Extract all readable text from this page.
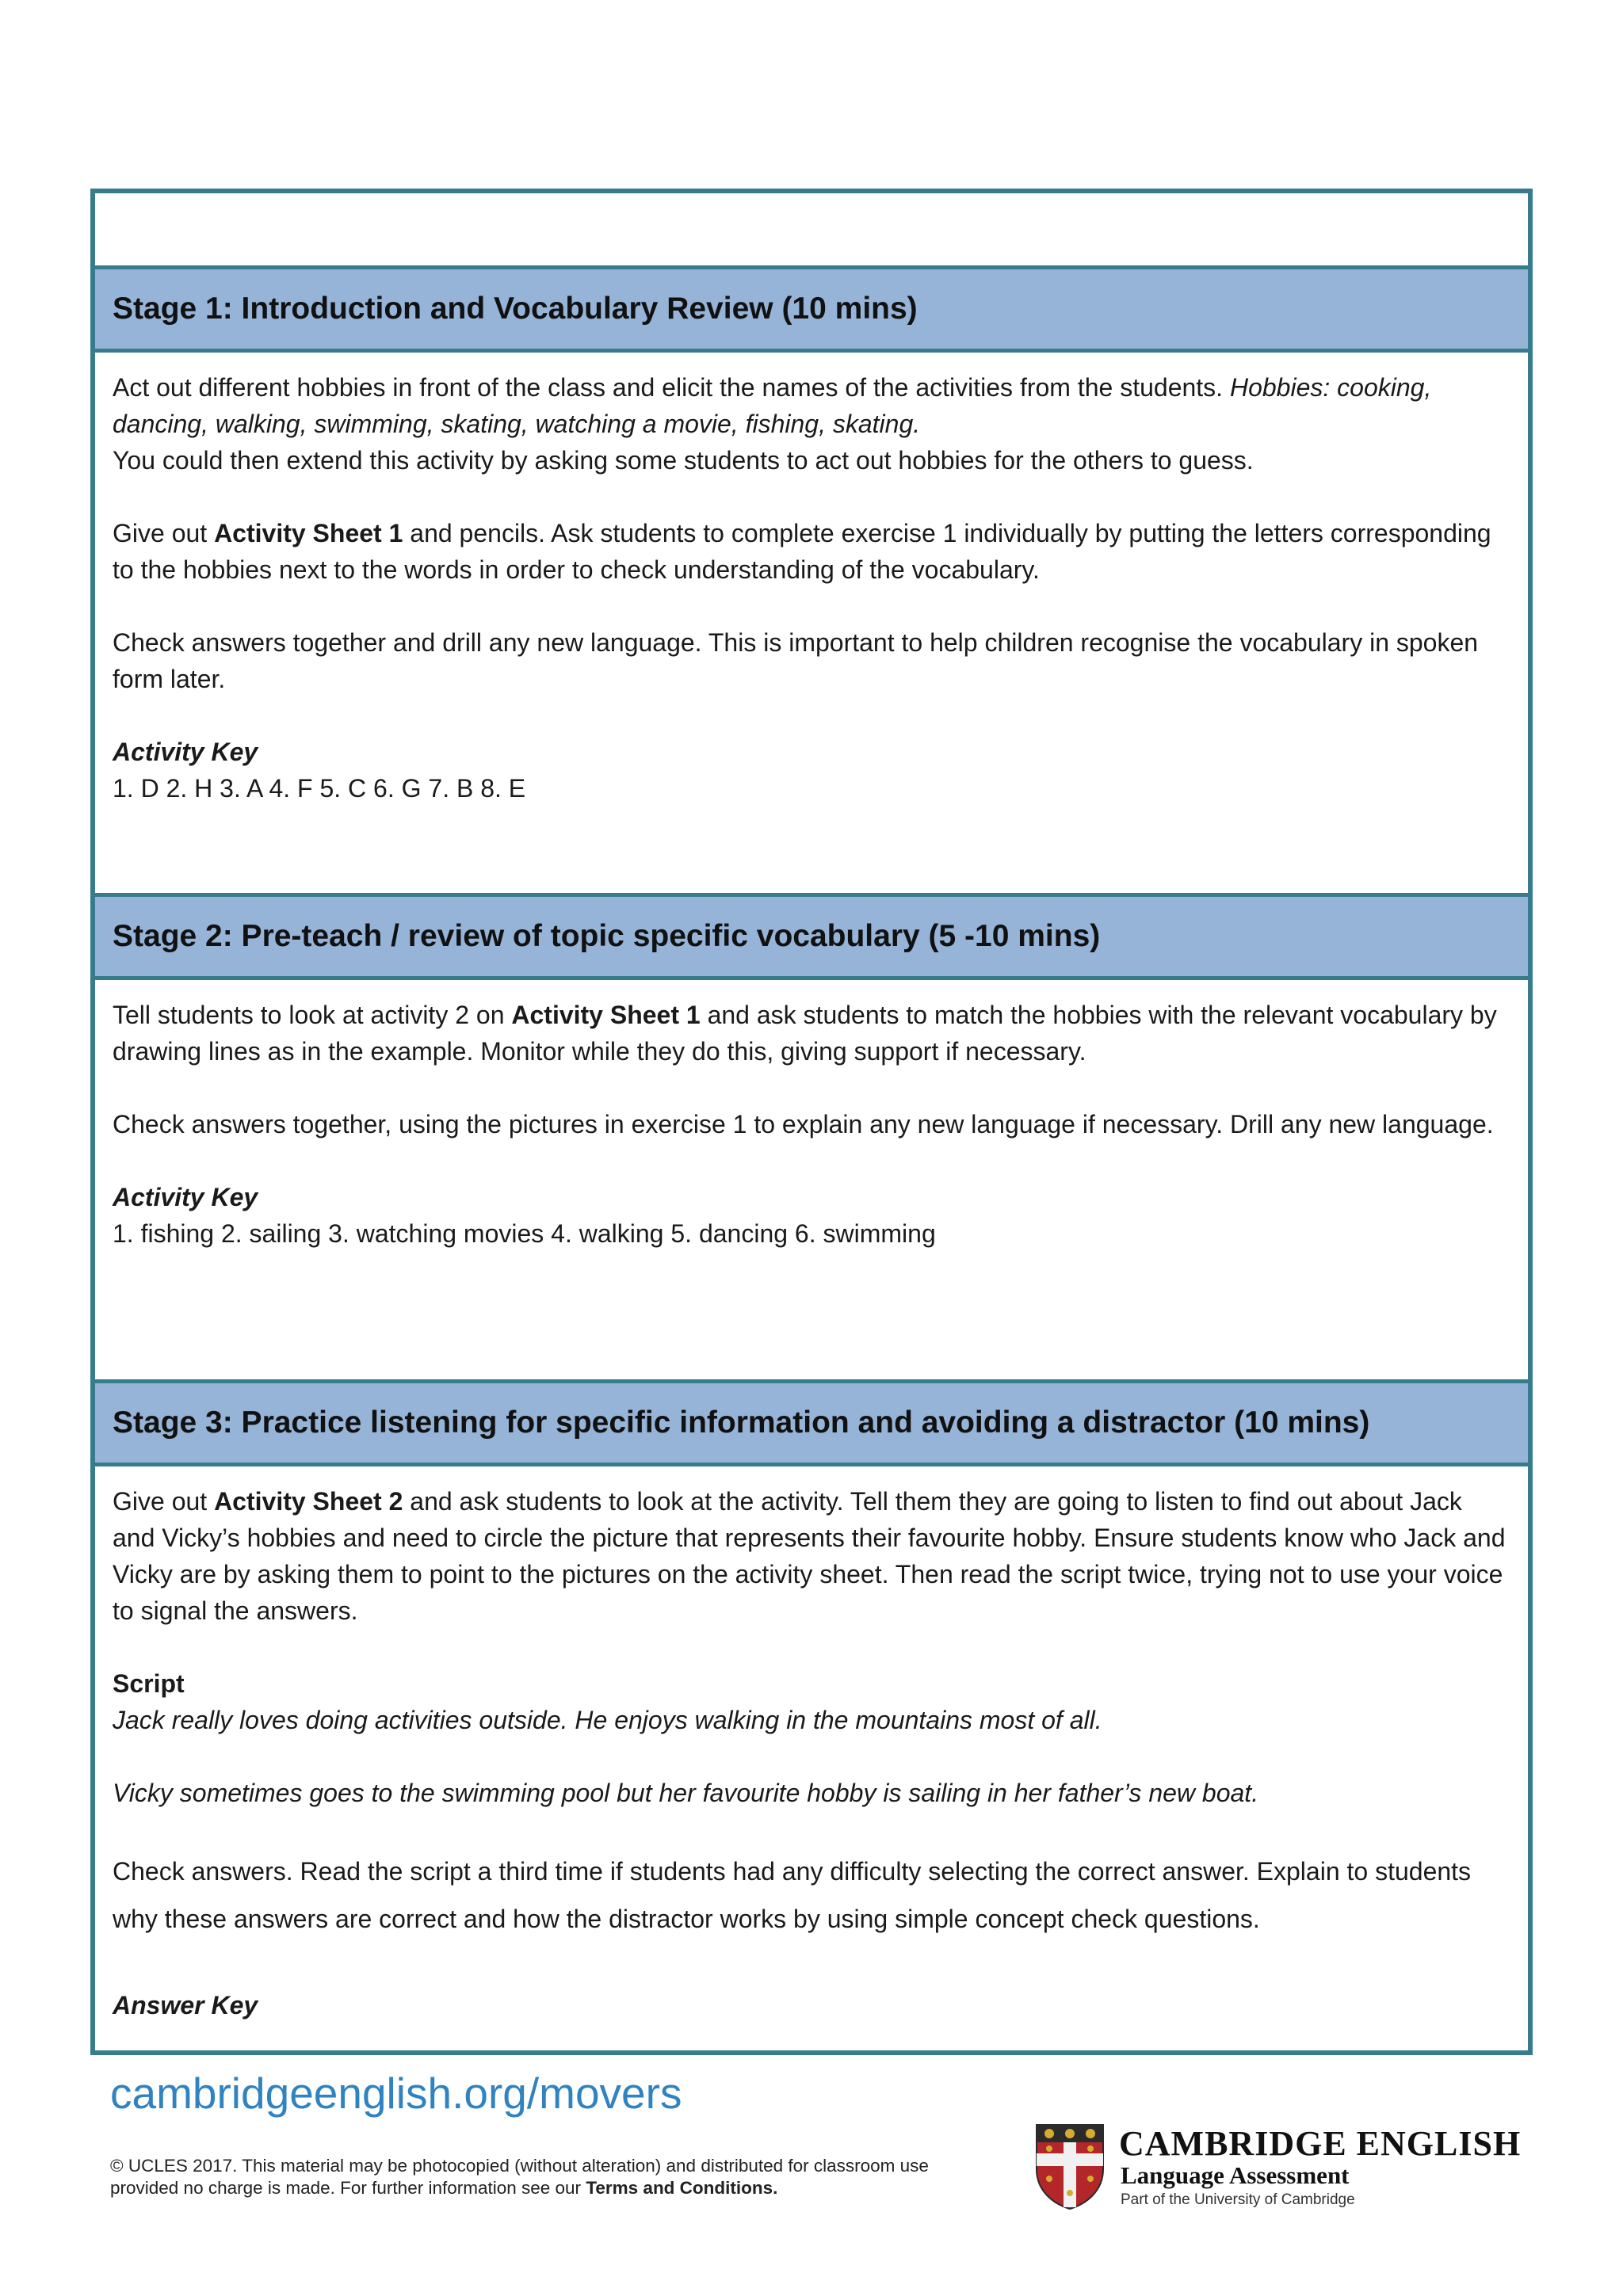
Stage 1: Introduction and Vocabulary Review (10 mins)

Act out different hobbies in front of the class and elicit the names of the activities from the students. Hobbies: cooking, dancing, walking, swimming, skating, watching a movie, fishing, skating.

You could then extend this activity by asking some students to act out hobbies for the others to guess.

Give out Activity Sheet 1 and pencils. Ask students to complete exercise 1 individually by putting the letters corresponding to the hobbies next to the words in order to check understanding of the vocabulary.

Check answers together and drill any new language. This is important to help children recognise the vocabulary in spoken form later.

Activity Key

1. D 2. H 3. A 4. F 5. C 6. G 7. B 8. E

Stage 2: Pre-teach / review of topic specific vocabulary (5 -10 mins)

Tell students to look at activity 2 on Activity Sheet 1 and ask students to match the hobbies with the relevant vocabulary by drawing lines as in the example. Monitor while they do this, giving support if necessary.

Check answers together, using the pictures in exercise 1 to explain any new language if necessary. Drill any new language.

Activity Key

1. fishing 2. sailing 3. watching movies 4. walking 5. dancing 6. swimming

Stage 3: Practice listening for specific information and avoiding a distractor (10 mins)

Give out Activity Sheet 2 and ask students to look at the activity. Tell them they are going to listen to find out about Jack and Vicky’s hobbies and need to circle the picture that represents their favourite hobby. Ensure students know who Jack and Vicky are by asking them to point to the pictures on the activity sheet. Then read the script twice, trying not to use your voice to signal the answers.

Script

Jack really loves doing activities outside. He enjoys walking in the mountains most of all.

Vicky sometimes goes to the swimming pool but her favourite hobby is sailing in her father’s new boat.

Check answers. Read the script a third time if students had any difficulty selecting the correct answer. Explain to students why these answers are correct and how the distractor works by using simple concept check questions.

Answer Key

cambridgeenglish.org/movers
© UCLES 2017. This material may be photocopied (without alteration) and distributed for classroom use provided no charge is made. For further information see our Terms and Conditions.
CAMBRIDGE ENGLISH
Language Assessment
Part of the University of Cambridge
